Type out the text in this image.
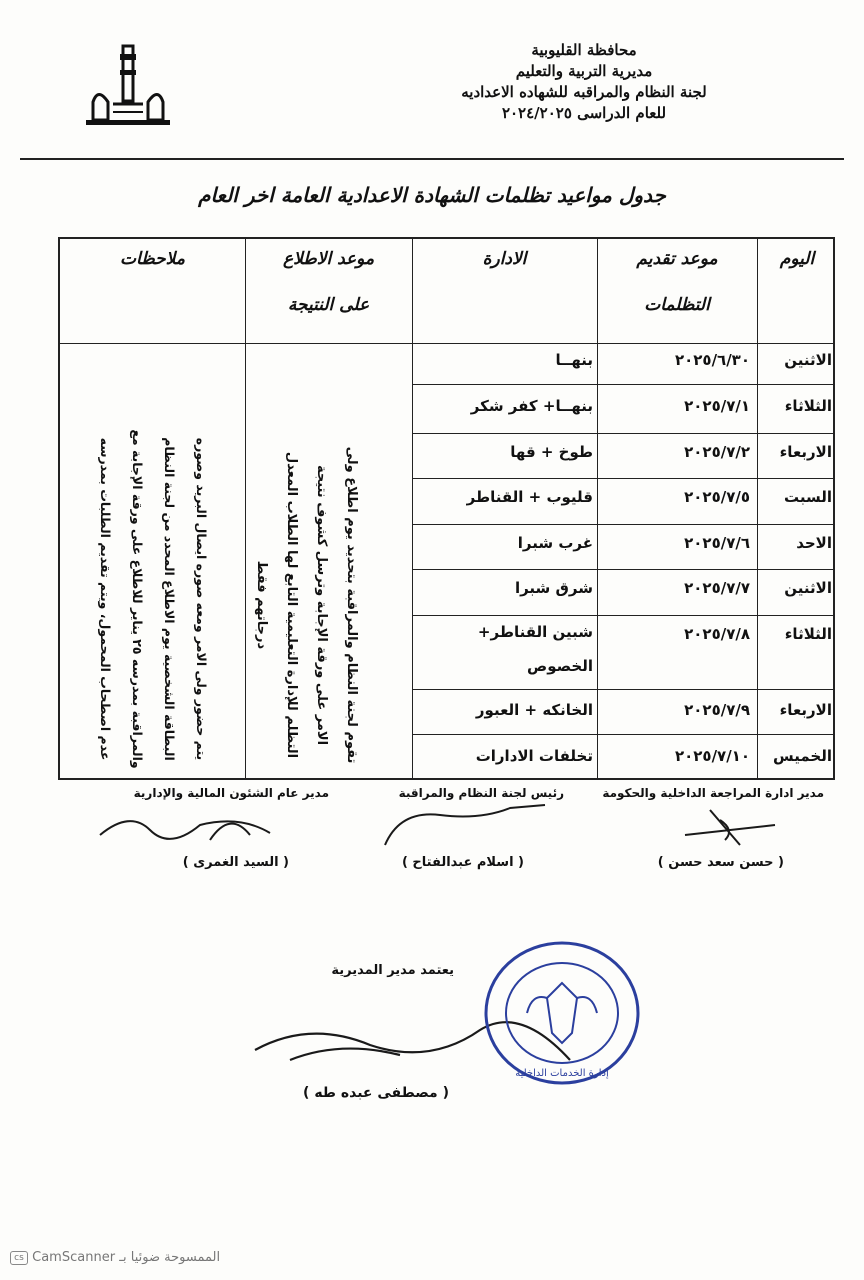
محافظة القليوبية
مديرية التربية والتعليم
لجنة النظام والمراقبه للشهاده الاعداديه
للعام الدراسى ٢٠٢٤/٢٠٢٥
جدول مواعيد تظلمات الشهادة الاعدادية العامة اخر العام
اليوم
موعد تقديم
التظلمات
الادارة
موعد الاطلاع
على النتيجة
ملاحظات
الاثنين
٢٠٢٥/٦/٣٠
بنهــا
الثلاثاء
٢٠٢٥/٧/١
بنهــا+ كفر شكر
الاربعاء
٢٠٢٥/٧/٢
طوخ + قها
السبت
٢٠٢٥/٧/٥
قليوب + القناطر
الاحد
٢٠٢٥/٧/٦
غرب شبرا
الاثنين
٢٠٢٥/٧/٧
شرق شبرا
الثلاثاء
٢٠٢٥/٧/٨
شبين القناطر+
الخصوص
الاربعاء
٢٠٢٥/٧/٩
الخانكه + العبور
الخميس
٢٠٢٥/٧/١٠
تخلفات الادارات
تقوم لجنة النظام والمراقبة بتحديد يوم اطلاع ولى
الامر على ورقة الإجابة وترسل كشوف نتيجة
التظلم للإدارة التعليمية التابع لها الطلاب المعدل
درجاتهم فقط
يتم حضور ولى الامر ومعه صوره ايصال البريد وصوره
البطاقة الشخصية يوم الاطلاع المحدد من لجنة النظام
والمراقبة بمدرسه ٢٥ يناير للاطلاع على ورقة الإجابة مع
عدم اصطحاب المحمول، ويتم تقديم الطلبات بمدرسه
مدير ادارة المراجعة الداخلية والحكومة
رئيس لجنة النظام والمراقبة
مدير عام الشئون المالية والإدارية
( حسن سعد حسن )
( اسلام عبدالفتاح )
( السيد الغمرى )
يعتمد مدير المديرية
( مصطفى عبده طه )
إدارة الخدمات الداخلية
cs CamScanner الممسوحة ضوئيا بـ
